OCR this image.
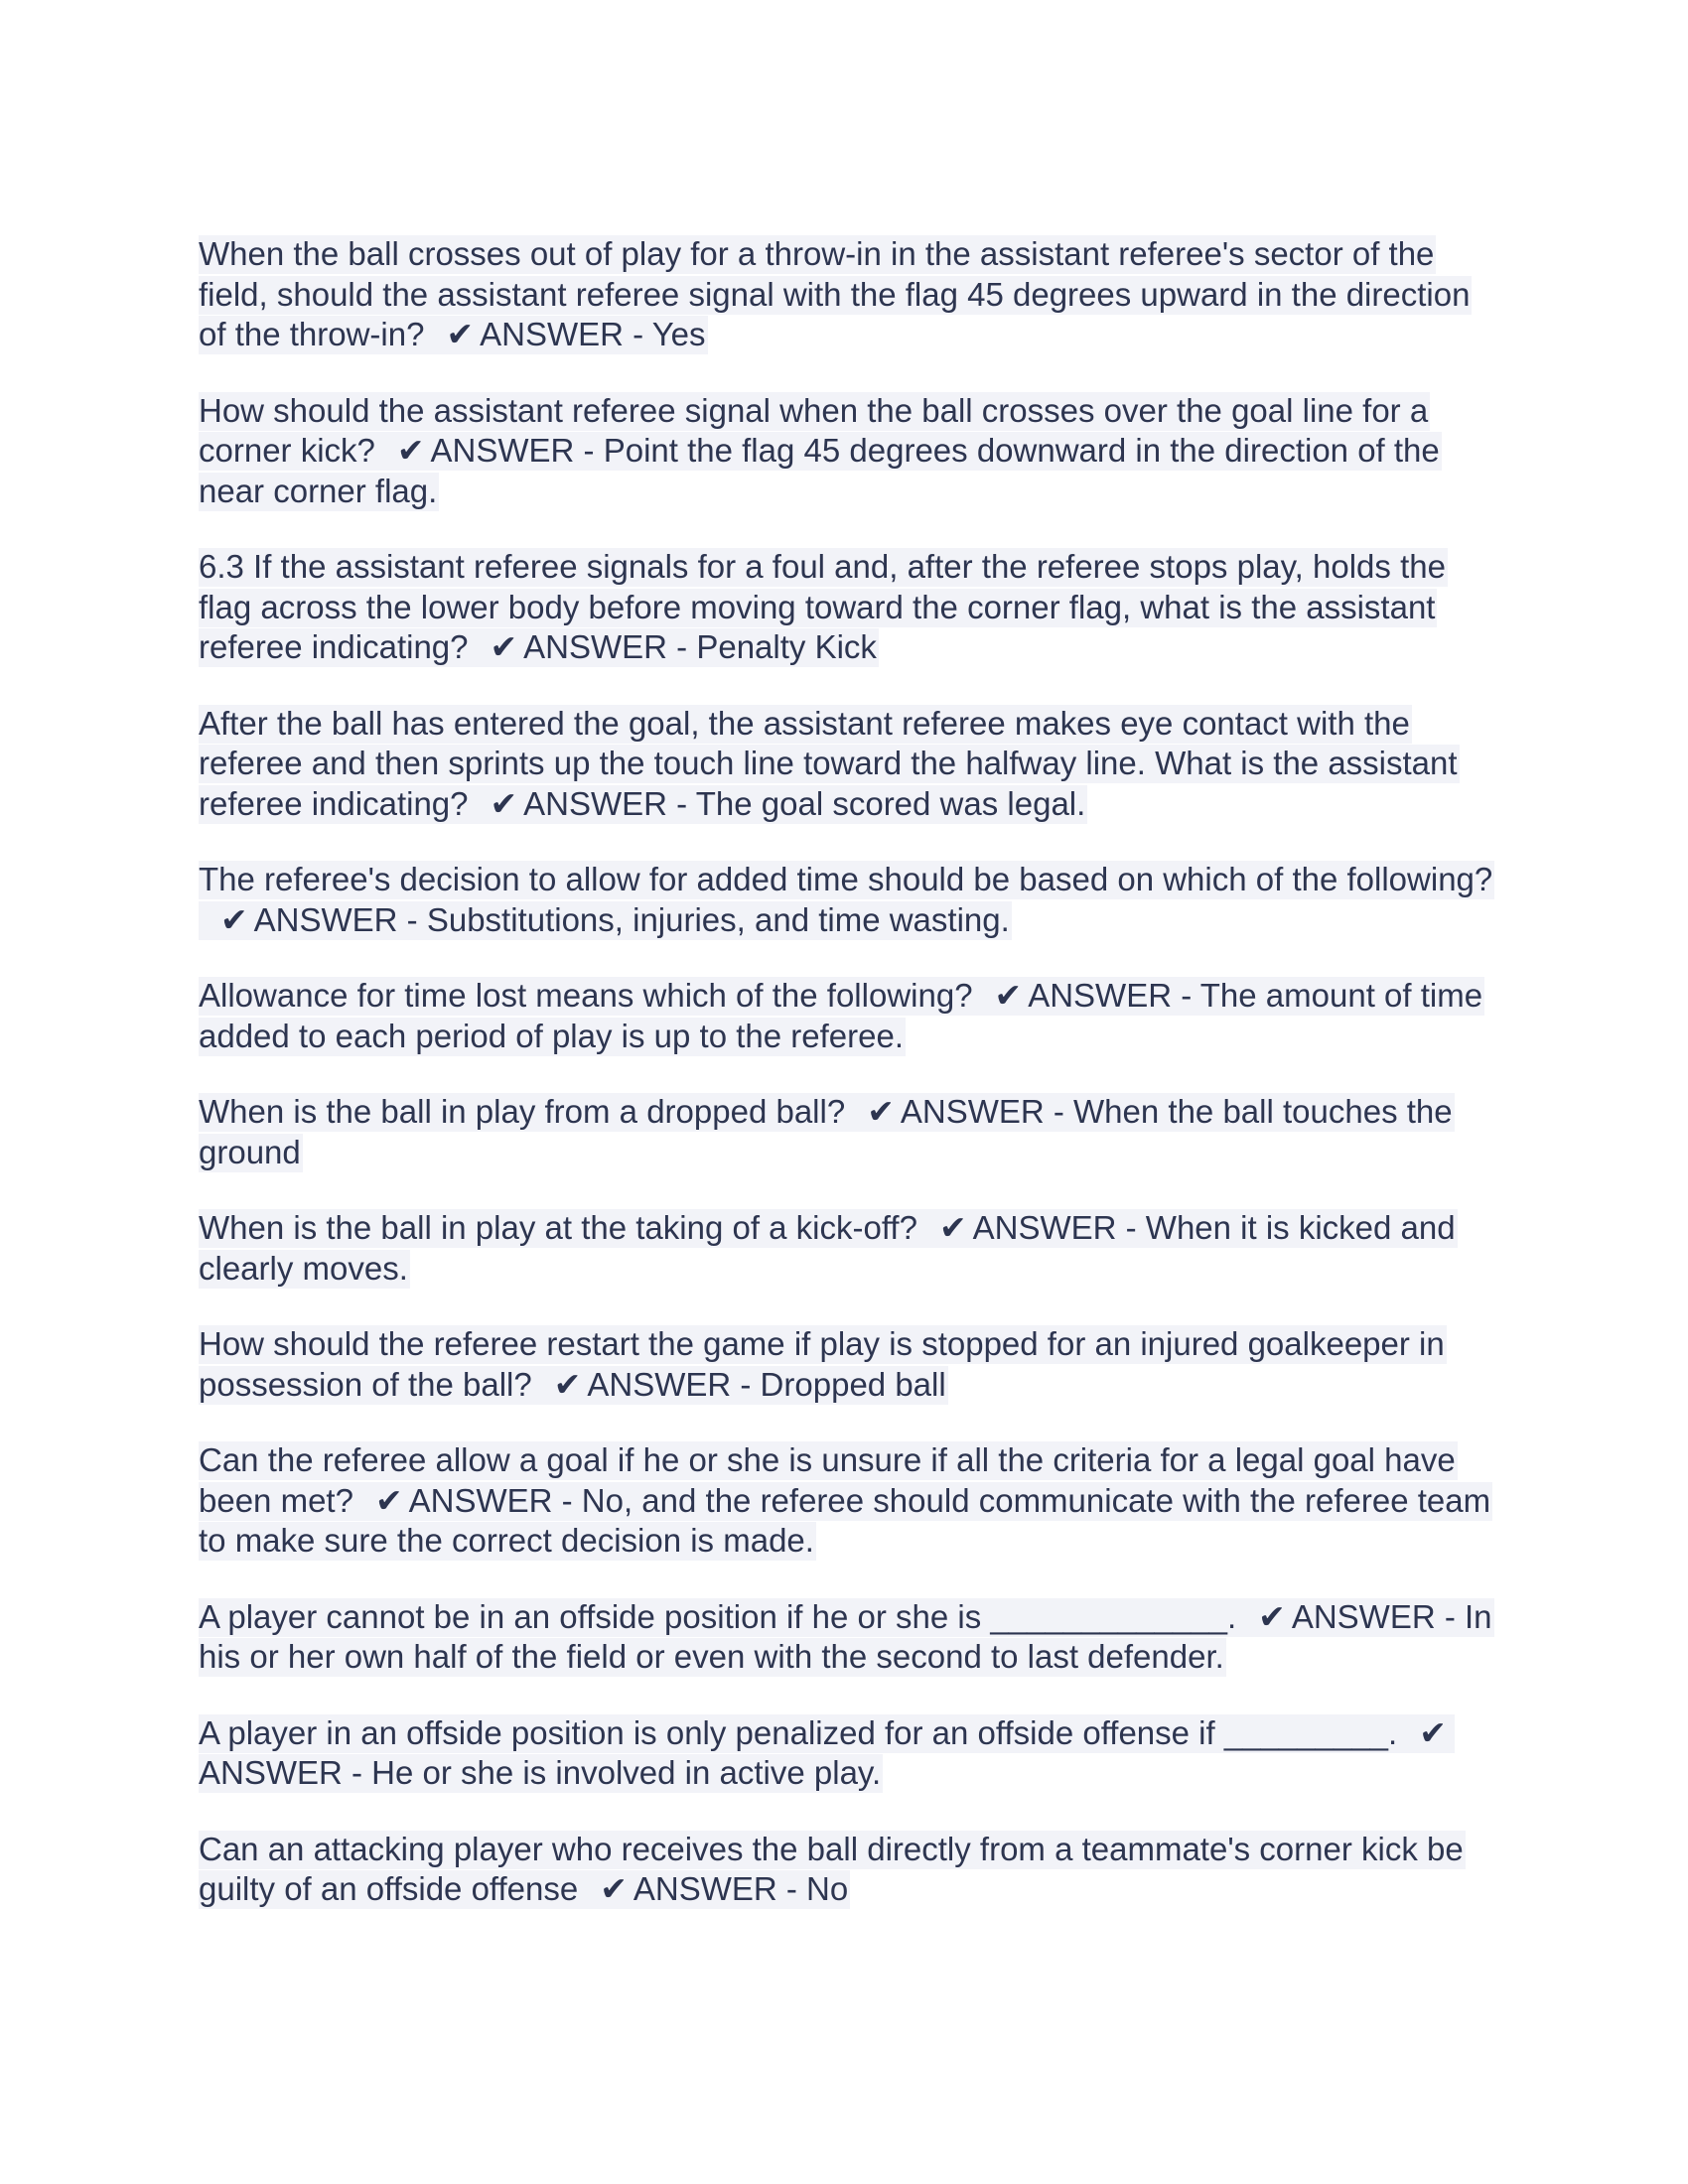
When the ball crosses out of play for a throw-in in the assistant referee's sector of the field, should the assistant referee signal with the flag 45 degrees upward in the direction of the throw-in? ✔ ANSWER - Yes

How should the assistant referee signal when the ball crosses over the goal line for a corner kick? ✔ ANSWER - Point the flag 45 degrees downward in the direction of the near corner flag.

6.3 If the assistant referee signals for a foul and, after the referee stops play, holds the flag across the lower body before moving toward the corner flag, what is the assistant referee indicating? ✔ ANSWER - Penalty Kick

After the ball has entered the goal, the assistant referee makes eye contact with the referee and then sprints up the touch line toward the halfway line. What is the assistant referee indicating? ✔ ANSWER - The goal scored was legal.

The referee's decision to allow for added time should be based on which of the following?✔ ANSWER - Substitutions, injuries, and time wasting.

Allowance for time lost means which of the following? ✔ ANSWER - The amount of time added to each period of play is up to the referee.

When is the ball in play from a dropped ball? ✔ ANSWER - When the ball touches the ground

When is the ball in play at the taking of a kick-off? ✔ ANSWER - When it is kicked and clearly moves.

How should the referee restart the game if play is stopped for an injured goalkeeper in possession of the ball? ✔ ANSWER - Dropped ball

Can the referee allow a goal if he or she is unsure if all the criteria for a legal goal have been met? ✔ ANSWER - No, and the referee should communicate with the referee team to make sure the correct decision is made.

A player cannot be in an offside position if he or she is _____________. ✔ ANSWER - In his or her own half of the field or even with the second to last defender.

A player in an offside position is only penalized for an offside offense if _________. ✔ANSWER - He or she is involved in active play.

Can an attacking player who receives the ball directly from a teammate's corner kick be guilty of an offside offense ✔ ANSWER - No
